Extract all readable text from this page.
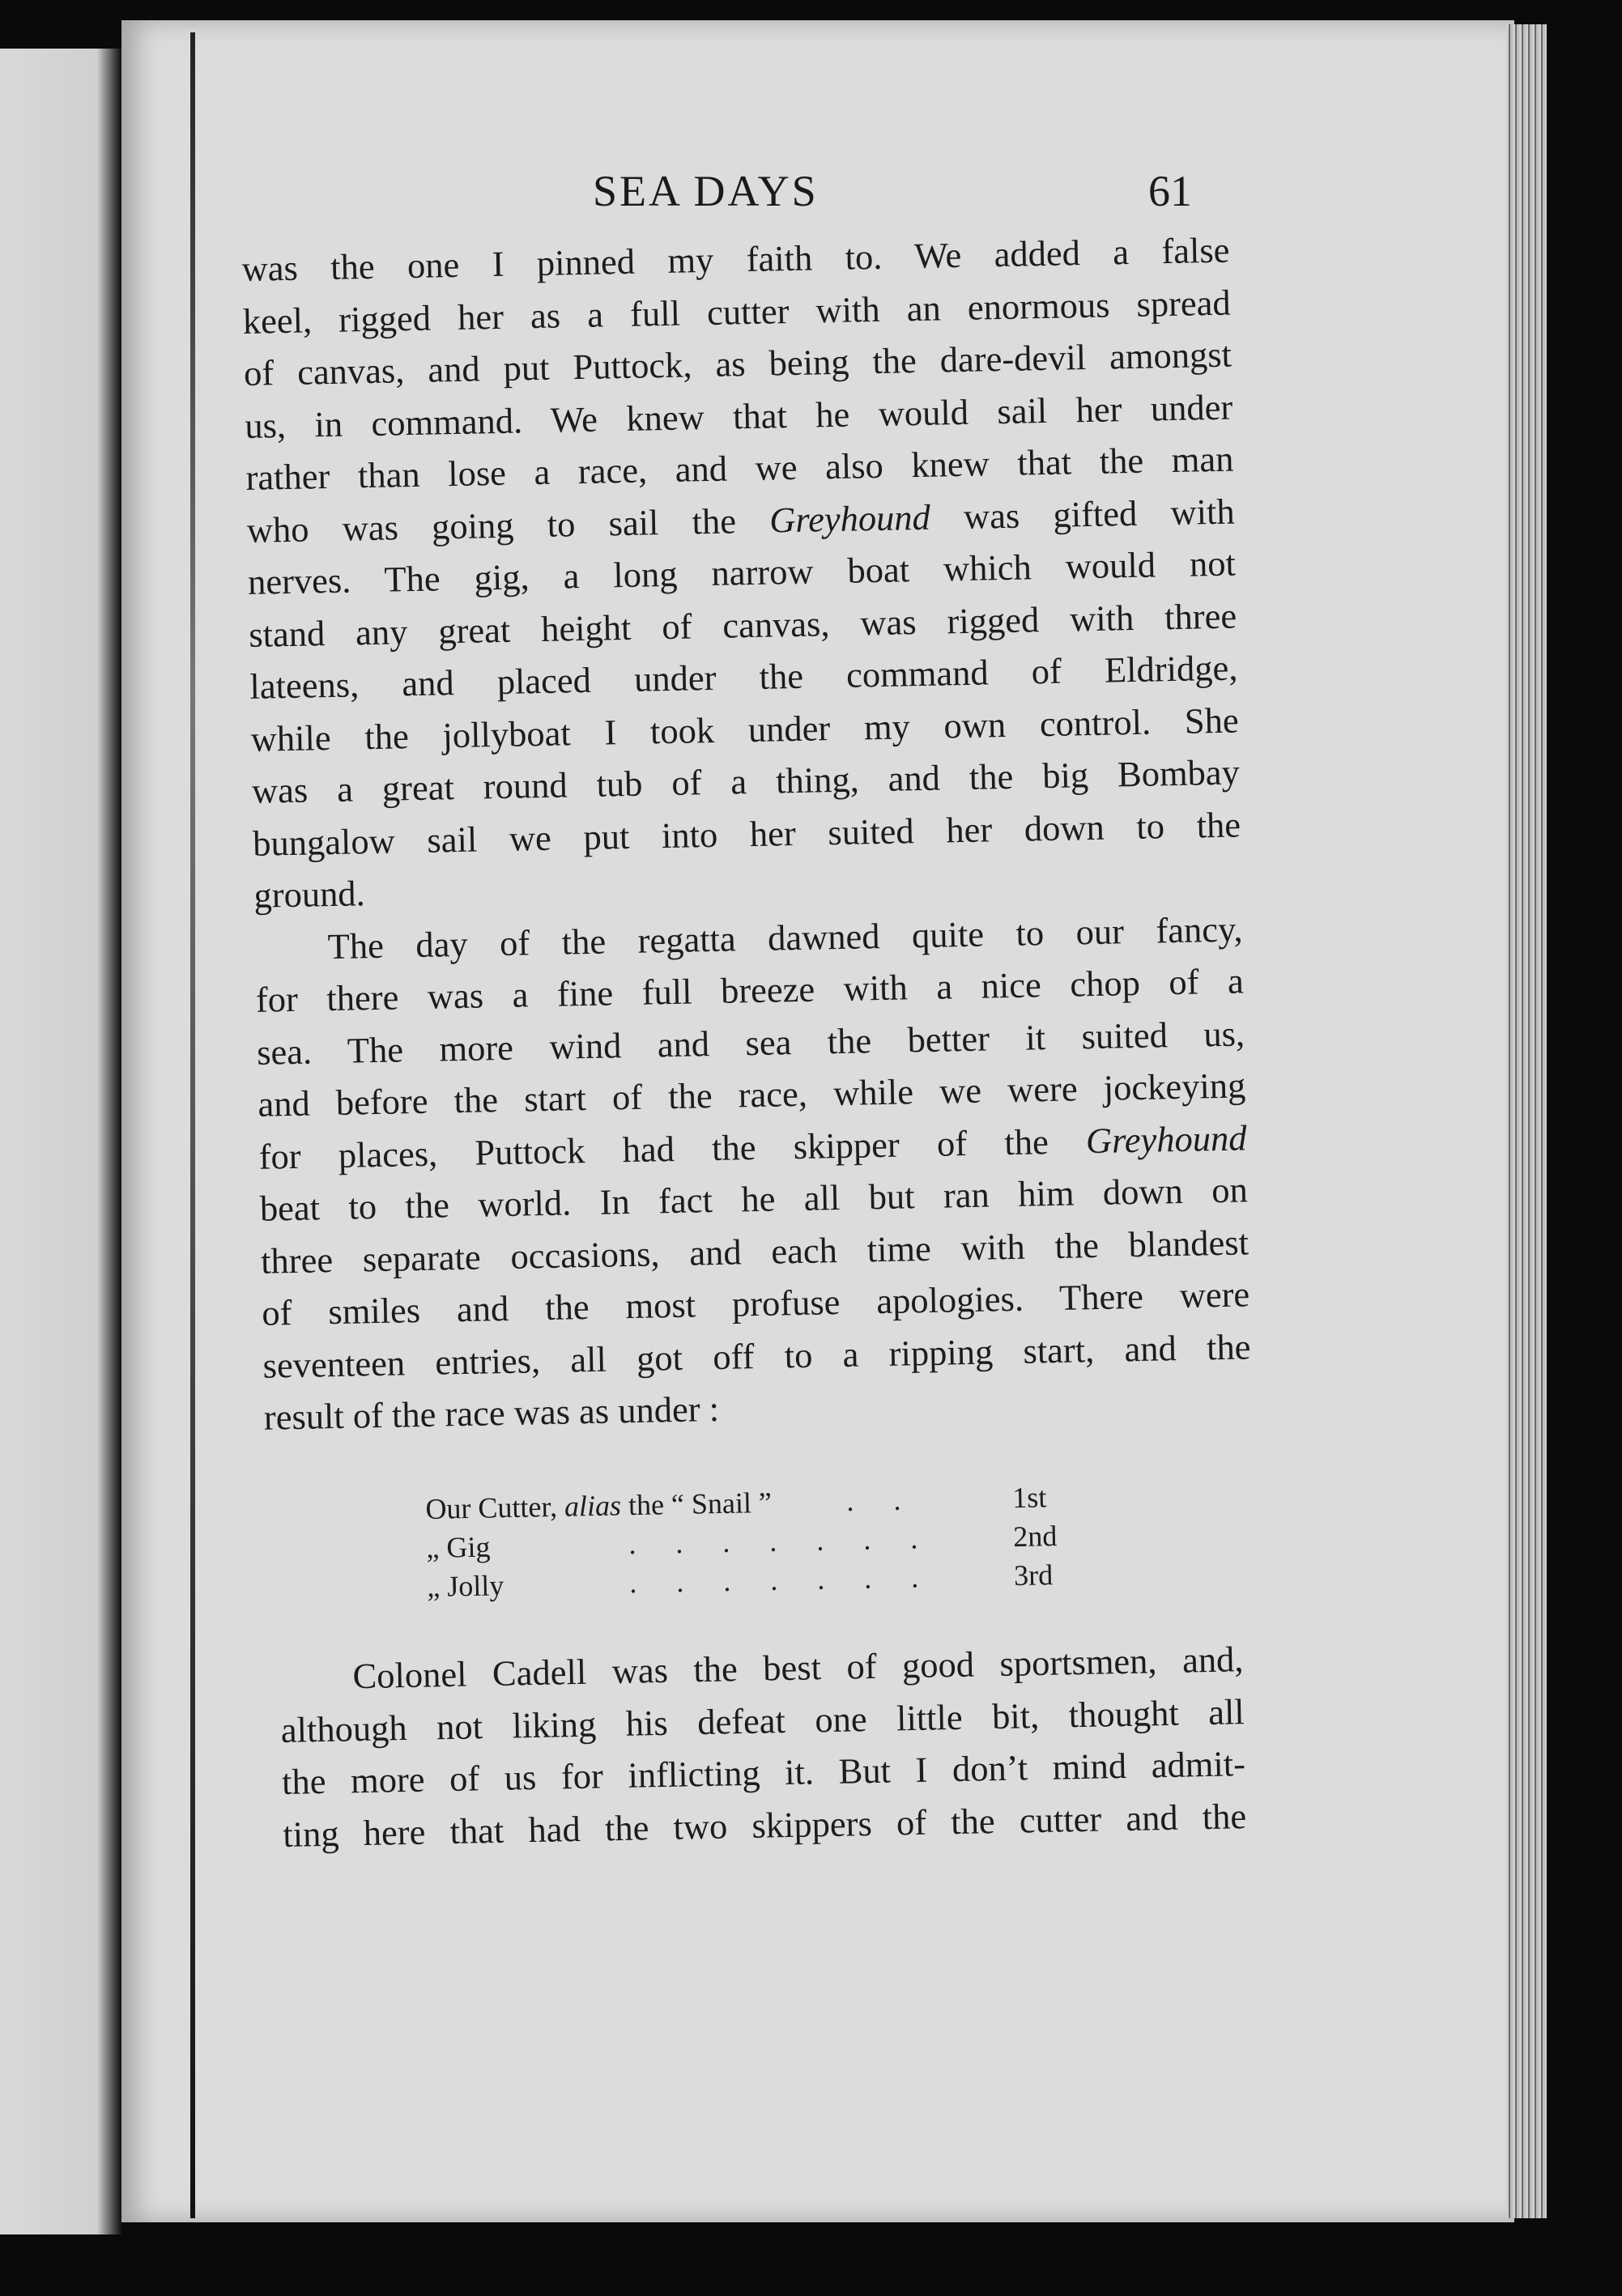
SEA DAYS	61
was the one I pinned my faith to. We added a false
keel, rigged her as a full cutter with an enormous spread
of canvas, and put Puttock, as being the dare-devil amongst
us, in command. We knew that he would sail her under
rather than lose a race, and we also knew that the man
who was going to sail the Greyhound was gifted with
nerves. The gig, a long narrow boat which would not
stand any great height of canvas, was rigged with three
lateens, and placed under the command of Eldridge,
while the jollyboat I took under my own control. She
was a great round tub of a thing, and the big Bombay
bungalow sail we put into her suited her down to the
ground.
The day of the regatta dawned quite to our fancy,
for there was a fine full breeze with a nice chop of a
sea. The more wind and sea the better it suited us,
and before the start of the race, while we were jockeying
for places, Puttock had the skipper of the Greyhound
beat to the world. In fact he all but ran him down on
three separate occasions, and each time with the blandest
of smiles and the most profuse apologies. There were
seventeen entries, all got off to a ripping start, and the
result of the race was as under :
Our Cutter, alias the “ Snail ”	. .	1st
„ Gig	. . . . . . .	2nd
„ Jolly	. . . . . . .	3rd
Colonel Cadell was the best of good sportsmen, and,
although not liking his defeat one little bit, thought all
the more of us for inflicting it. But I don’t mind admit-
ting here that had the two skippers of the cutter and the
